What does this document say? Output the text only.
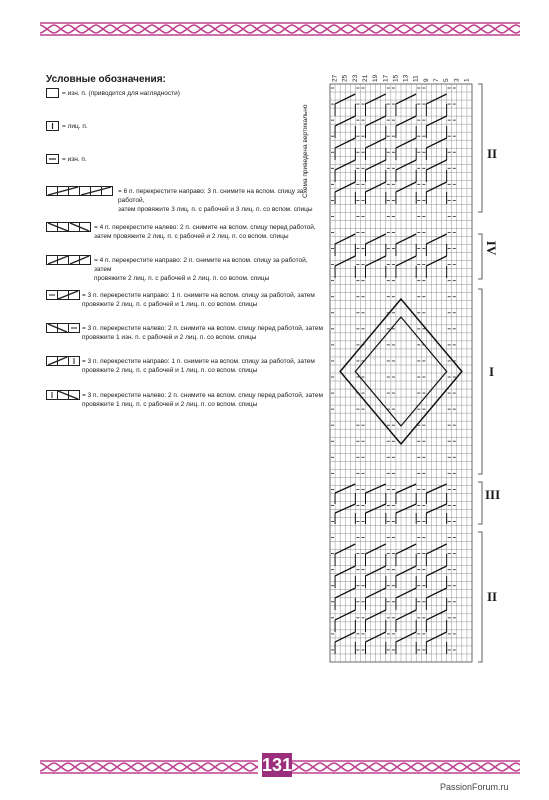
131
PassionForum.ru
Условные обозначения:
= изн. п. (приводится для наглядности)
= лиц. п.
= изн. п.
= 6 п. перекрестите направо: 3 п. снимите на вспом. спицу за работой,
затем провяжите 3 лиц. п. с рабочей и 3 лиц. п. со вспом. спицы
= 4 п. перекрестите налево: 2 п. снимите на вспом. спицу перед работой,
затем провяжите 2 лиц. п. с рабочей и 2 лиц. п. со вспом. спицы
= 4 п. перекрестите направо: 2 п. снимите на вспом. спицу за работой, затем
провяжите 2 лиц. п. с рабочей и 2 лиц. п. со вспом. спицы
= 3 п. перекрестите направо: 1 п. снимите на вспом. спицу за работой, затем
провяжите 2 лиц. п. с рабочей и 1 лиц. п. со вспом. спицы
= 3 п. перекрестите налево: 2 п. снимите на вспом. спицу перед работой, затем
провяжите 1 изн. п. с рабочей и 2 лиц. п. со вспом. спицы
= 3 п. перекрестите направо: 1 п. снимите на вспом. спицу за работой, затем
провяжите 2 лиц. п. с рабочей и 1 лиц. п. со вспом. спицы
= 3 п. перекрестите налево: 2 п. снимите на вспом. спицу перед работой, затем
провяжите 1 лиц. п. с рабочей и 2 лиц. п. со вспом. спицы
Схема приведена вертикально
27 25 23 21 19 17 15 13 11 9 7 5 3 1
II
IV
I
III
II
